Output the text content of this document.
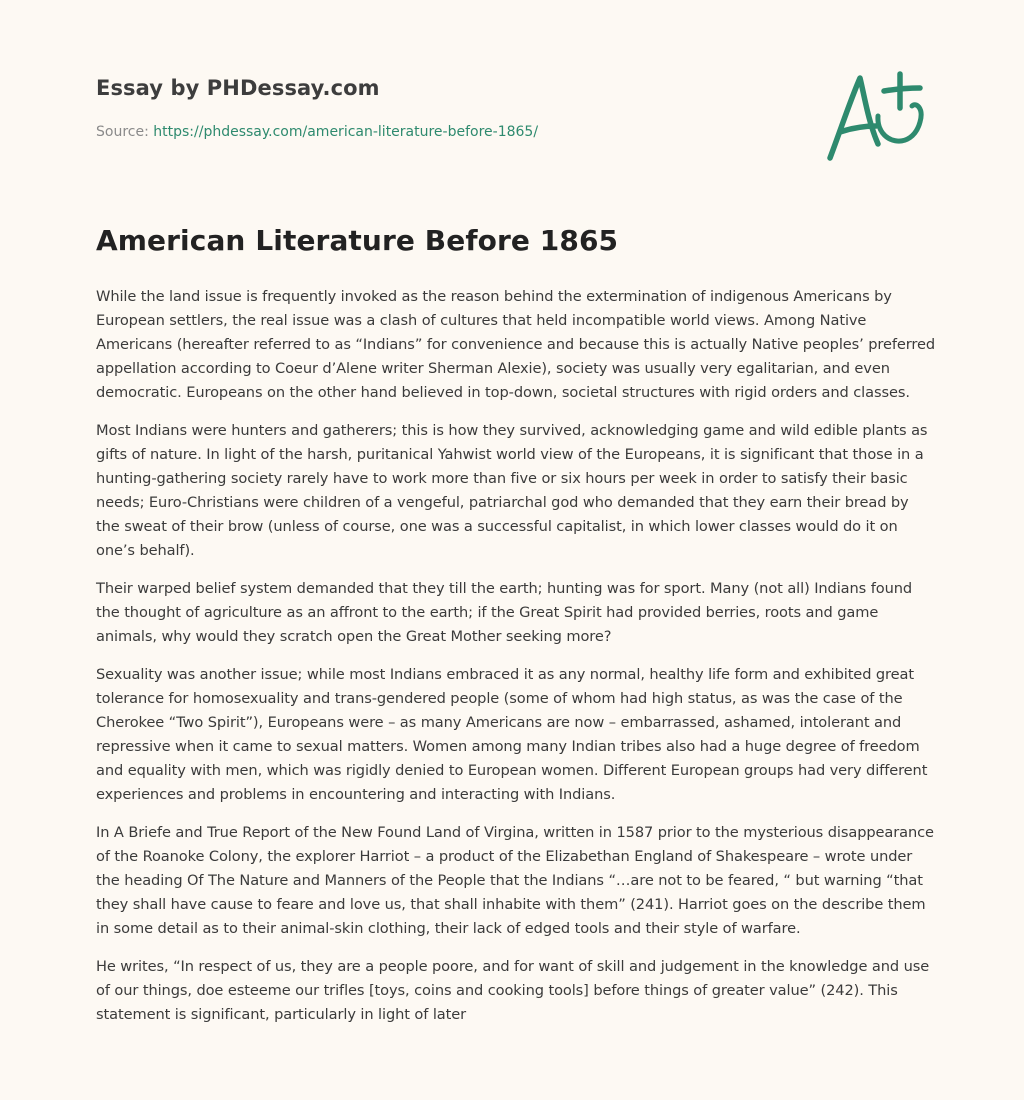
Essay by PHDessay.com

Source: https://phdessay.com/american-literature-before-1865/

American Literature Before 1865

While the land issue is frequently invoked as the reason behind the extermination of indigenous Americans by European settlers, the real issue was a clash of cultures that held incompatible world views. Among Native Americans (hereafter referred to as “Indians” for convenience and because this is actually Native peoples’ preferred appellation according to Coeur d’Alene writer Sherman Alexie), society was usually very egalitarian, and even democratic. Europeans on the other hand believed in top-down, societal structures with rigid orders and classes.

Most Indians were hunters and gatherers; this is how they survived, acknowledging game and wild edible plants as gifts of nature. In light of the harsh, puritanical Yahwist world view of the Europeans, it is significant that those in a hunting-gathering society rarely have to work more than five or six hours per week in order to satisfy their basic needs; Euro-Christians were children of a vengeful, patriarchal god who demanded that they earn their bread by the sweat of their brow (unless of course, one was a successful capitalist, in which lower classes would do it on one’s behalf).

Their warped belief system demanded that they till the earth; hunting was for sport. Many (not all) Indians found the thought of agriculture as an affront to the earth; if the Great Spirit had provided berries, roots and game animals, why would they scratch open the Great Mother seeking more?

Sexuality was another issue; while most Indians embraced it as any normal, healthy life form and exhibited great tolerance for homosexuality and trans-gendered people (some of whom had high status, as was the case of the Cherokee “Two Spirit”), Europeans were – as many Americans are now – embarrassed, ashamed, intolerant and repressive when it came to sexual matters. Women among many Indian tribes also had a huge degree of freedom and equality with men, which was rigidly denied to European women. Different European groups had very different experiences and problems in encountering and interacting with Indians.

In A Briefe and True Report of the New Found Land of Virgina, written in 1587 prior to the mysterious disappearance of the Roanoke Colony, the explorer Harriot – a product of the Elizabethan England of Shakespeare – wrote under the heading Of The Nature and Manners of the People that the Indians “…are not to be feared, “ but warning “that they shall have cause to feare and love us, that shall inhabite with them” (241). Harriot goes on the describe them in some detail as to their animal-skin clothing, their lack of edged tools and their style of warfare.

He writes, “In respect of us, they are a people poore, and for want of skill and judgement in the knowledge and use of our things, doe esteeme our trifles [toys, coins and cooking tools] before things of greater value” (242). This statement is significant, particularly in light of later
